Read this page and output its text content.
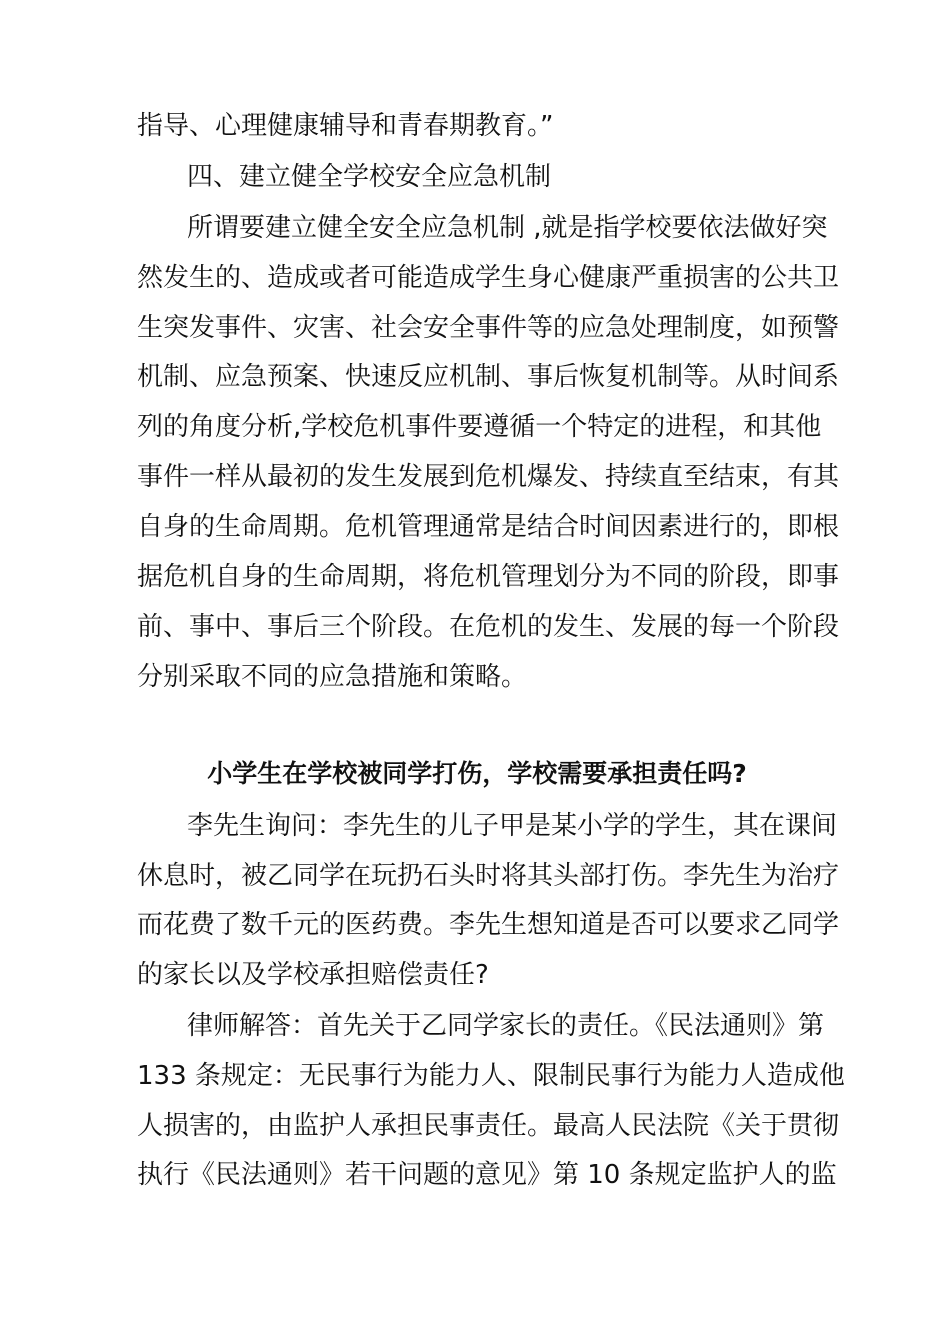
指导、心理健康辅导和青春期教育。”
四、建立健全学校安全应急机制
所谓要建立健全安全应急机制 ,就是指学校要依法做好突
然发生的、造成或者可能造成学生身心健康严重损害的公共卫
生突发事件、灾害、社会安全事件等的应急处理制度，如预警
机制、应急预案、快速反应机制、事后恢复机制等。从时间系
列的角度分析,学校危机事件要遵循一个特定的进程，和其他
事件一样从最初的发生发展到危机爆发、持续直至结束，有其
自身的生命周期。危机管理通常是结合时间因素进行的，即根
据危机自身的生命周期，将危机管理划分为不同的阶段，即事
前、事中、事后三个阶段。在危机的发生、发展的每一个阶段
分别采取不同的应急措施和策略。
小学生在学校被同学打伤，学校需要承担责任吗?
李先生询问：李先生的儿子甲是某小学的学生，其在课间
休息时，被乙同学在玩扔石头时将其头部打伤。李先生为治疗
而花费了数千元的医药费。李先生想知道是否可以要求乙同学
的家长以及学校承担赔偿责任?
律师解答：首先关于乙同学家长的责任。《民法通则》第
133 条规定：无民事行为能力人、限制民事行为能力人造成他
人损害的，由监护人承担民事责任。最高人民法院《关于贯彻
执行《民法通则》若干问题的意见》第 10 条规定监护人的监
